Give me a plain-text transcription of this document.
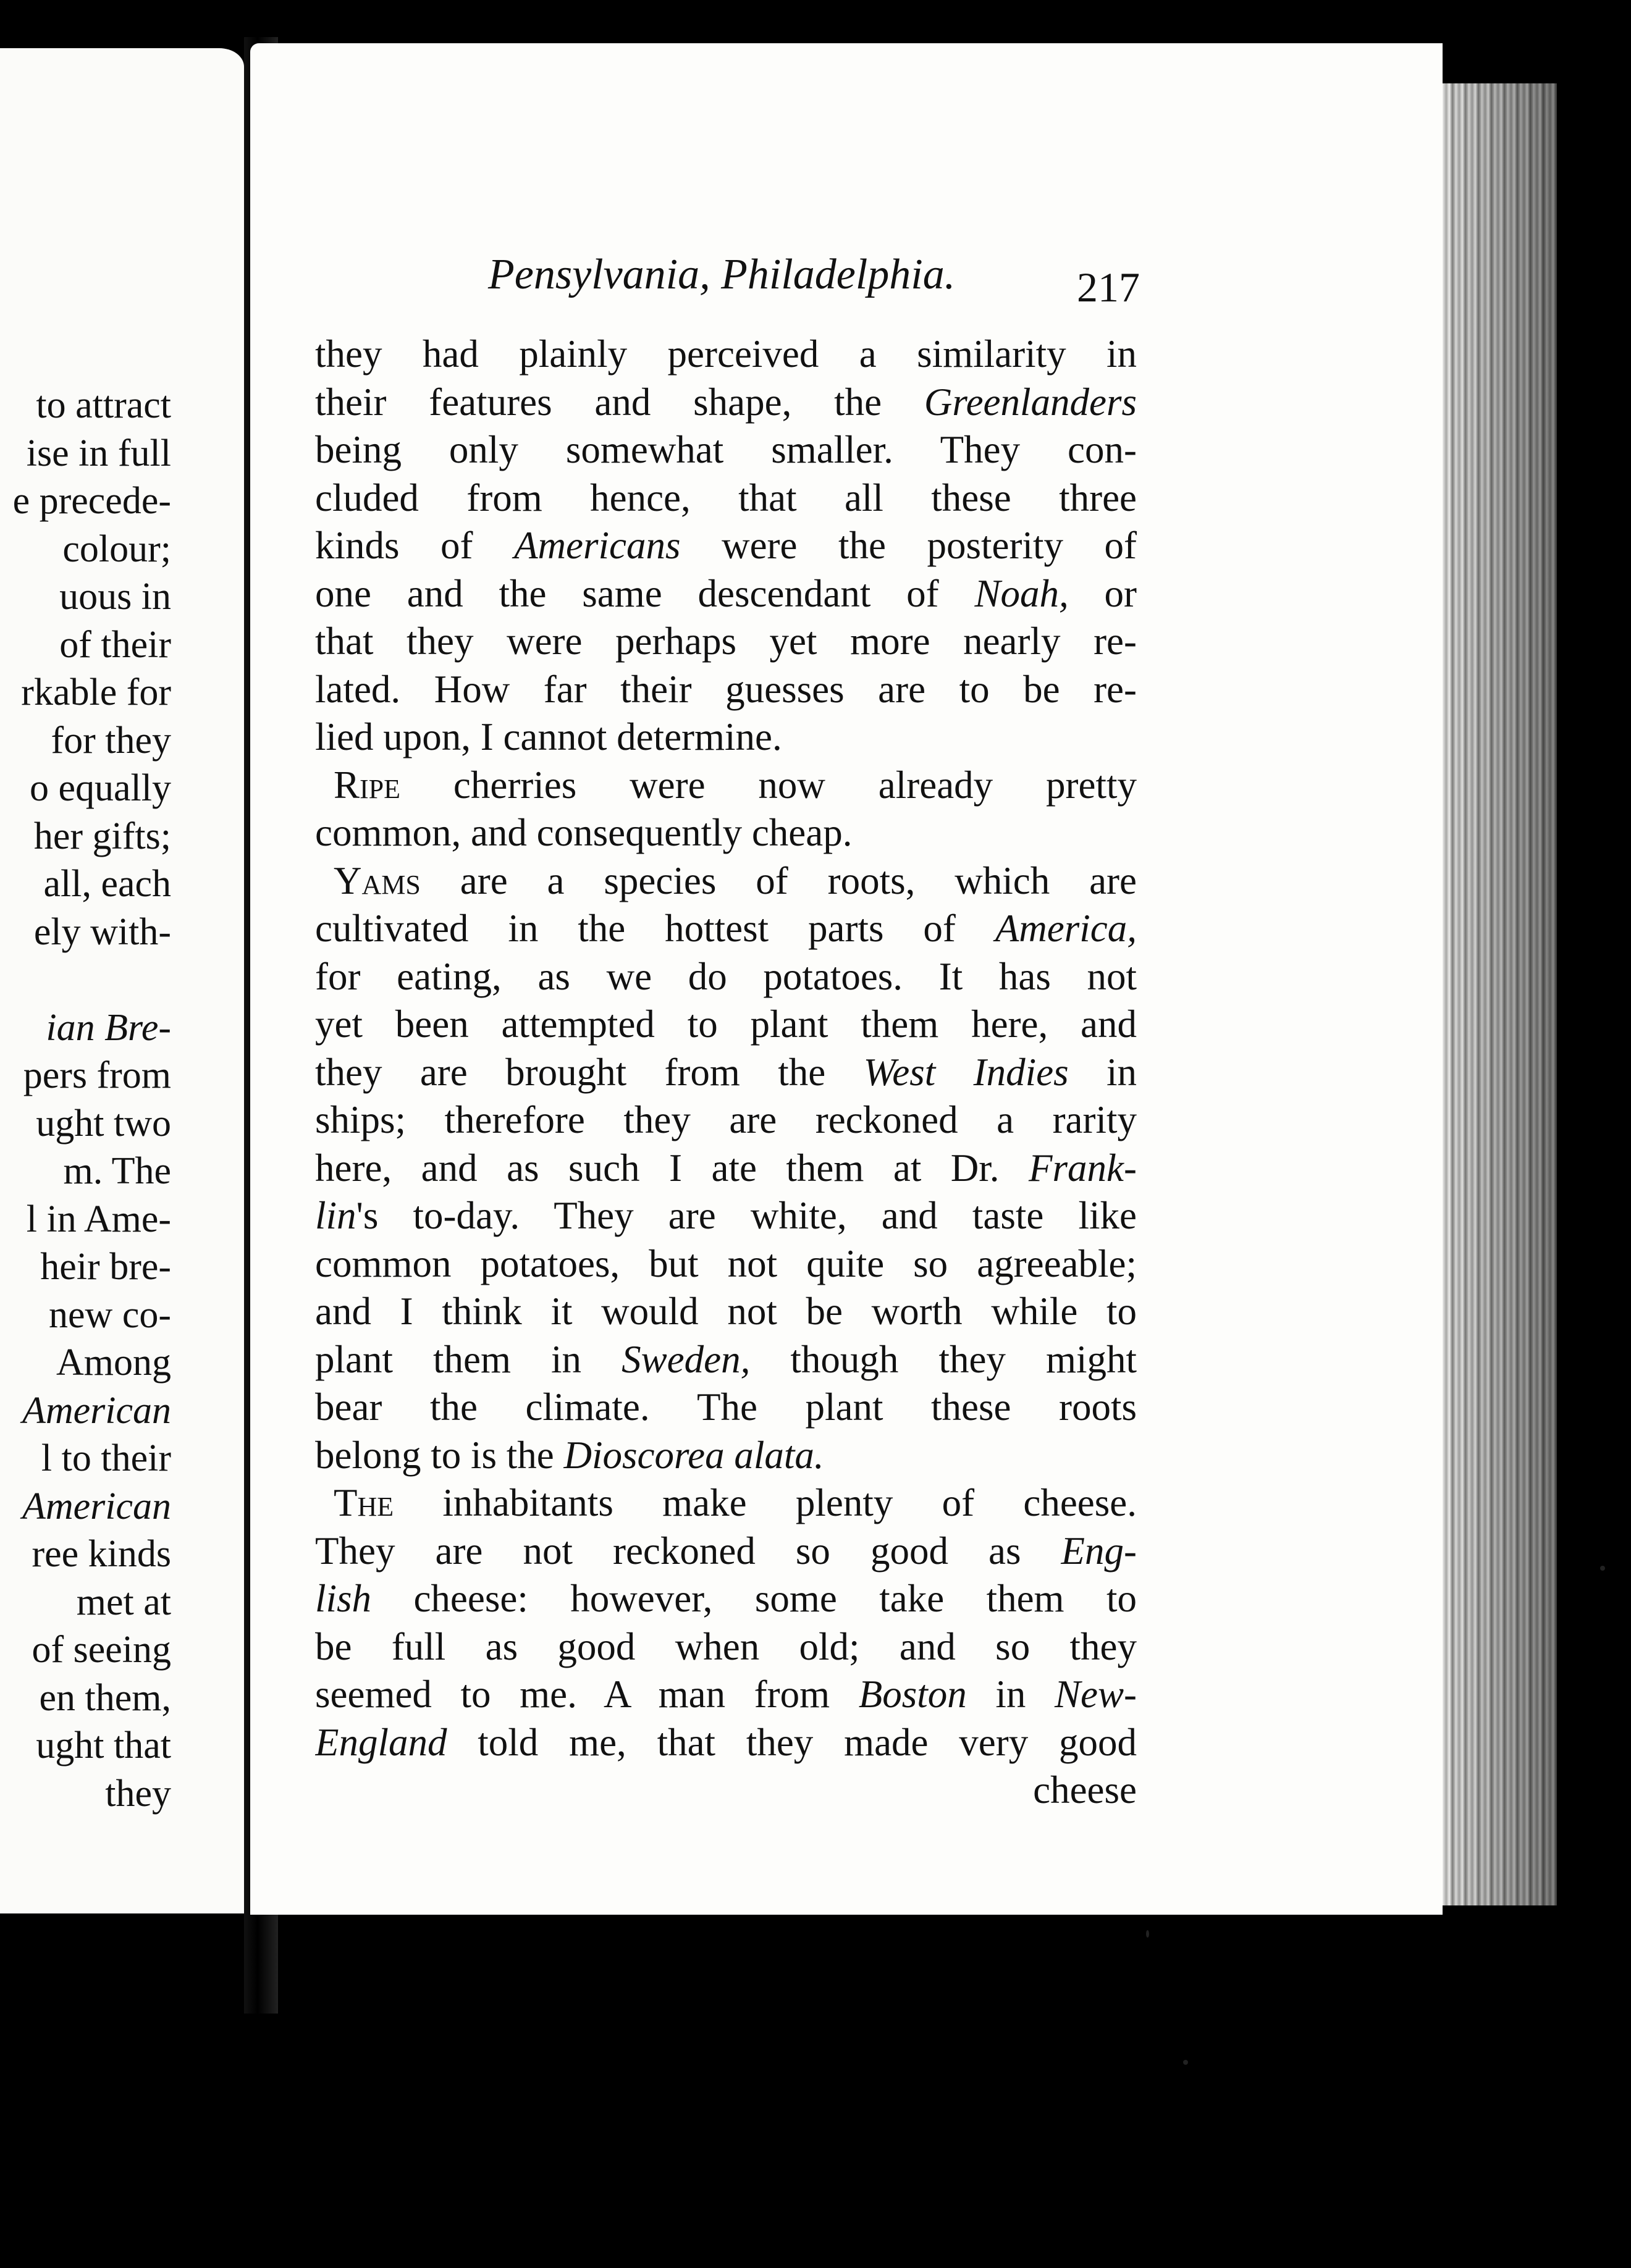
to attract
ise in full
e precede-
colour;
uous in
of their
rkable for
for they
o equally
her gifts;
all, each
ely with-
ian Bre-
pers from
ught two
m. The
l in Ame-
heir bre-
new co-
Among
American
l to their
American
ree kinds
met at
of seeing
en them,
ught that
they
Pensylvania, Philadelphia.	217
they had plainly perceived a similarity in
their features and shape, the Greenlanders
being only somewhat smaller. They con-
cluded from hence, that all these three
kinds of Americans were the posterity of
one and the same descendant of Noah, or
that they were perhaps yet more nearly re-
lated. How far their guesses are to be re-
lied upon, I cannot determine.
Ripe cherries were now already pretty
common, and consequently cheap.
Yams are a species of roots, which are
cultivated in the hottest parts of America,
for eating, as we do potatoes. It has not
yet been attempted to plant them here, and
they are brought from the West Indies in
ships; therefore they are reckoned a rarity
here, and as such I ate them at Dr. Frank-
lin's to-day. They are white, and taste like
common potatoes, but not quite so agreeable;
and I think it would not be worth while to
plant them in Sweden, though they might
bear the climate. The plant these roots
belong to is the Dioscorea alata.
The inhabitants make plenty of cheese.
They are not reckoned so good as Eng-
lish cheese: however, some take them to
be full as good when old; and so they
seemed to me. A man from Boston in New-
England told me, that they made very good
cheese
